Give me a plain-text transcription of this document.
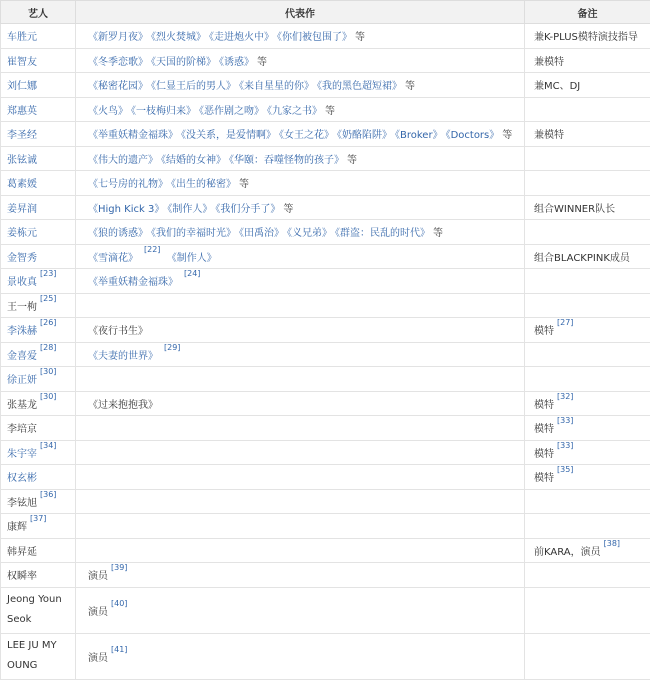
艺人	代表作	备注
车胜元	《新罗月夜》 《烈火焚城》 《走进炮火中》 《你们被包围了》 等	兼K-PLUS模特演技指导
崔智友	《冬季恋歌》 《天国的阶梯》 《诱惑》 等	兼模特
刘仁娜	《秘密花园》 《仁显王后的男人》 《来自星星的你》 《我的黑色超短裙》 等	兼MC、DJ
郑惠英	《火鸟》 《一枝梅归来》 《恶作剧之吻》 《九家之书》 等	
李圣经	《举重妖精金福珠》 《没关系，是爱情啊》 《女王之花》 《奶酪陷阱》 《Broker》 《Doctors》 等	兼模特
张铉诚	《伟大的遗产》 《结婚的女神》 《华颐：吞噬怪物的孩子》 等	
葛素媛	《七号房的礼物》 《出生的秘密》 等	
姜昇润	《High Kick 3》 《制作人》 《我们分手了》 等	组合WINNER队长
姜栋元	《狼的诱惑》 《我们的幸福时光》 《田禹治》 《义兄弟》 《群盗：民乱的时代》 等	
金智秀	《雪滴花》[22]  《制作人》	组合BLACKPINK成员
景收真[23]	《举重妖精金福珠》[24]	
王一枸[25]		
李洙赫[26]	《夜行书生》	模特[27]
金喜爱[28]	《夫妻的世界》[29]	
徐正妍[30]		
张基龙[30]	《过来抱抱我》	模特[32]
李培京		模特[33]
朱宇宰[34]		模特[33]
权玄彬		模特[35]
李铉旭[36]		
康辉[37]		
韩昇延		前KARA，演员[38]
权瞬率	演员[39]	
Jeong Youn Seok	演员[40]	
LEE JU MY OUNG	演员[41]	
